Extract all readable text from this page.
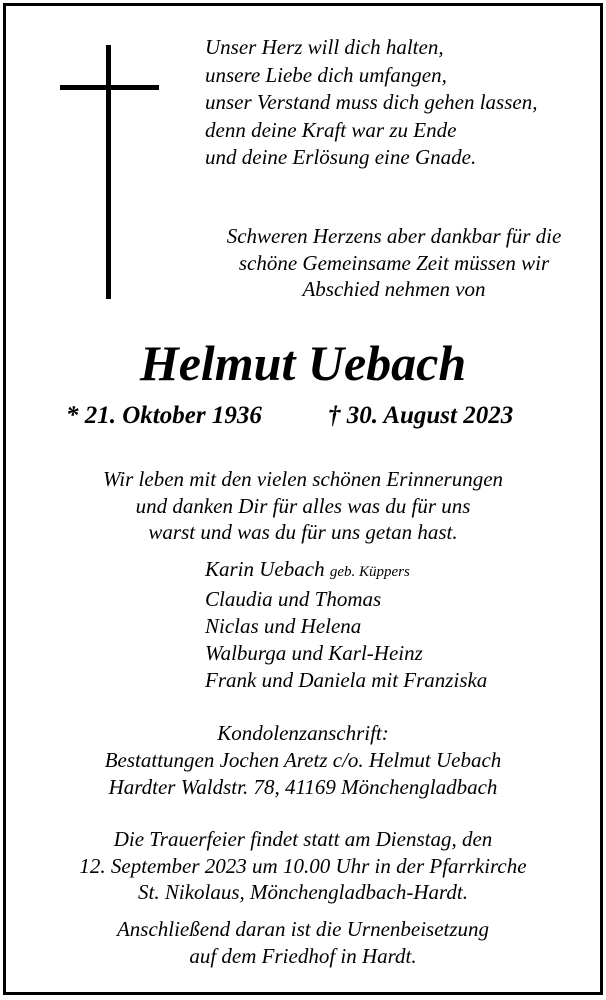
Unser Herz will dich halten,
unsere Liebe dich umfangen,
unser Verstand muss dich gehen lassen,
denn deine Kraft war zu Ende
und deine Erlösung eine Gnade.
Schweren Herzens aber dankbar für die
schöne Gemeinsame Zeit müssen wir
Abschied nehmen von
Helmut Uebach
* 21. Oktober 1936	† 30. August 2023
Wir leben mit den vielen schönen Erinnerungen
und danken Dir für alles was du für uns
warst und was du für uns getan hast.
Karin Uebach geb. Küppers
Claudia und Thomas
Niclas und Helena
Walburga und Karl-Heinz
Frank und Daniela mit Franziska
Kondolenzanschrift:
Bestattungen Jochen Aretz c/o. Helmut Uebach
Hardter Waldstr. 78, 41169 Mönchengladbach
Die Trauerfeier findet statt am Dienstag, den
12. September 2023 um 10.00 Uhr in der Pfarrkirche
St. Nikolaus, Mönchengladbach-Hardt.
Anschließend daran ist die Urnenbeisetzung
auf dem Friedhof in Hardt.
